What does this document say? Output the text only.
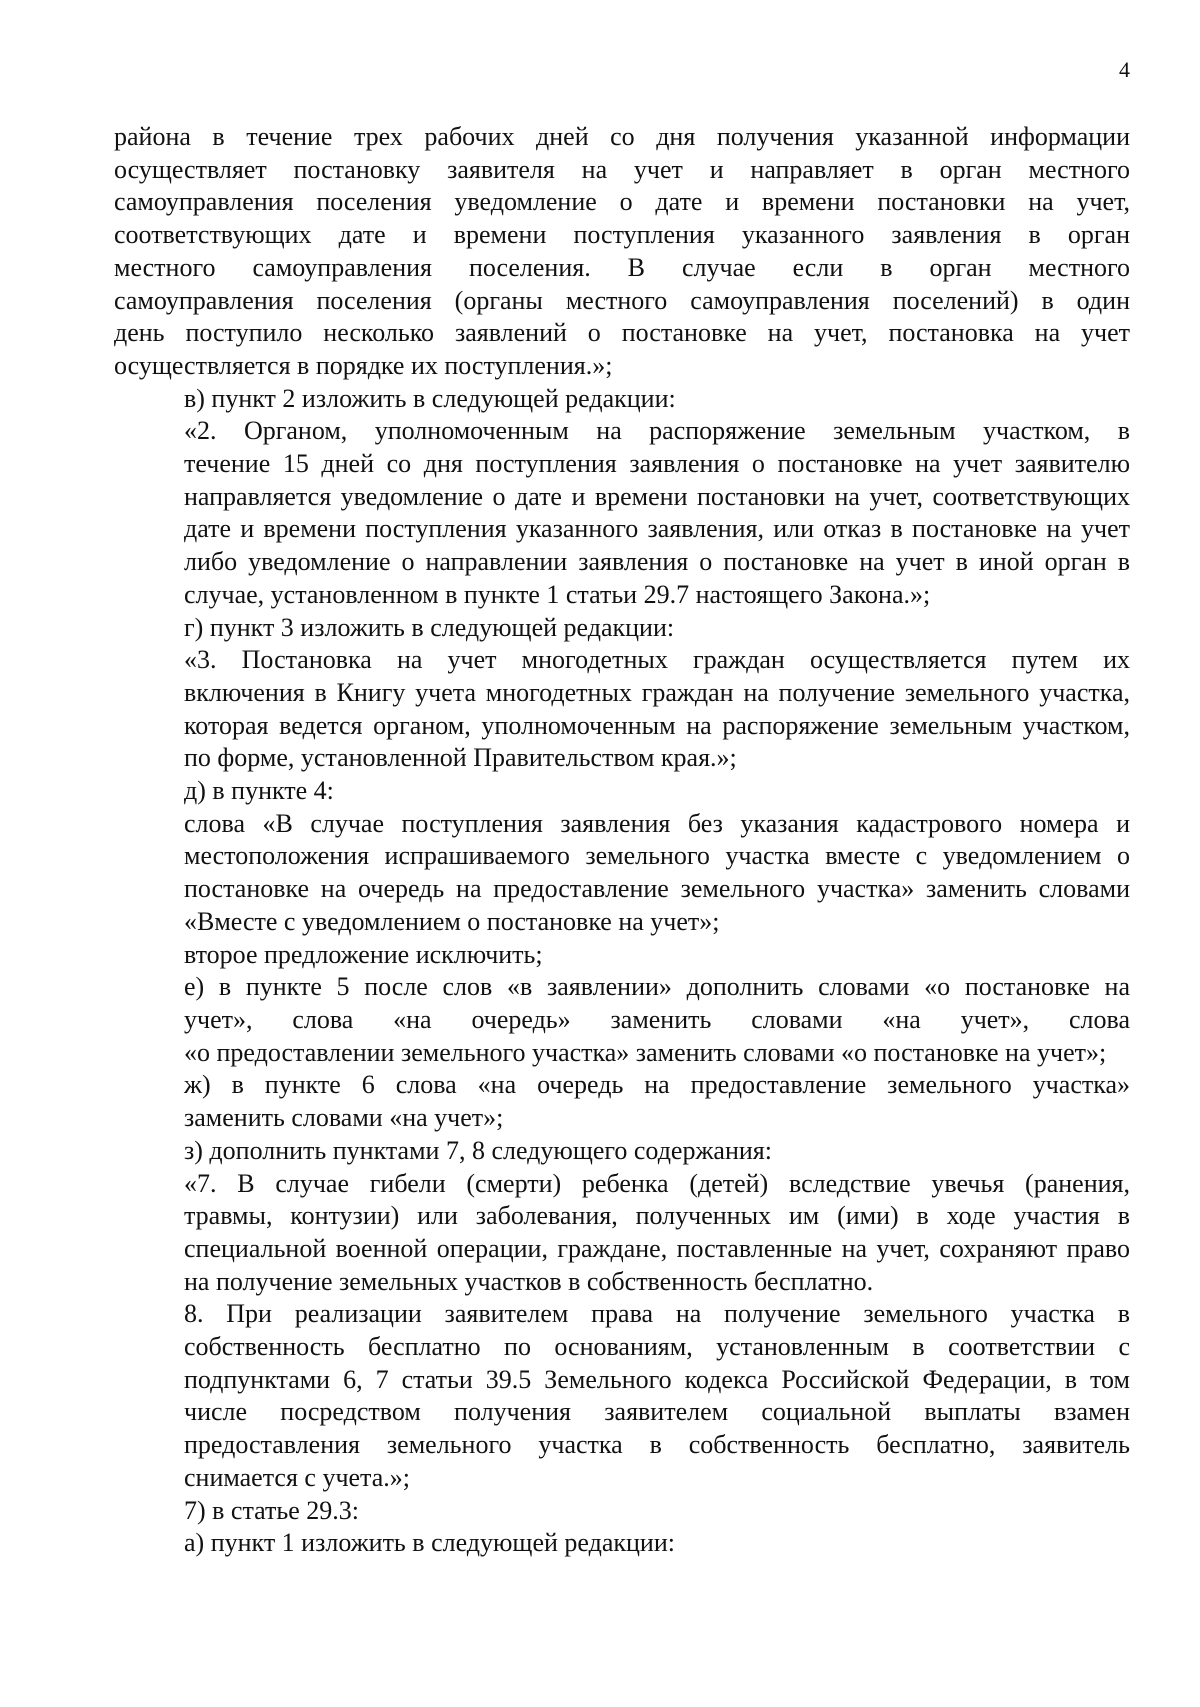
4
района в течение трех рабочих дней со дня получения указанной информации
осуществляет постановку заявителя на учет и направляет в орган местного
самоуправления поселения уведомление о дате и времени постановки на учет,
соответствующих дате и времени поступления указанного заявления в орган
местного самоуправления поселения. В случае если в орган местного
самоуправления поселения (органы местного самоуправления поселений) в один
день поступило несколько заявлений о постановке на учет, постановка на учет
осуществляется в порядке их поступления.»;
в) пункт 2 изложить в следующей редакции:
«2. Органом, уполномоченным на распоряжение земельным участком, в
течение 15 дней со дня поступления заявления о постановке на учет заявителю
направляется уведомление о дате и времени постановки на учет, соответствующих
дате и времени поступления указанного заявления, или отказ в постановке на учет
либо уведомление о направлении заявления о постановке на учет в иной орган в
случае, установленном в пункте 1 статьи 29.7 настоящего Закона.»;
г) пункт 3 изложить в следующей редакции:
«3. Постановка на учет многодетных граждан осуществляется путем их
включения в Книгу учета многодетных граждан на получение земельного участка,
которая ведется органом, уполномоченным на распоряжение земельным участком,
по форме, установленной Правительством края.»;
д) в пункте 4:
слова «В случае поступления заявления без указания кадастрового номера и
местоположения испрашиваемого земельного участка вместе с уведомлением о
постановке на очередь на предоставление земельного участка» заменить словами
«Вместе с уведомлением о постановке на учет»;
второе предложение исключить;
е) в пункте 5 после слов «в заявлении» дополнить словами «о постановке на
учет», слова «на очередь» заменить словами «на учет», слова
«о предоставлении земельного участка» заменить словами «о постановке на учет»;
ж) в пункте 6 слова «на очередь на предоставление земельного участка»
заменить словами «на учет»;
з) дополнить пунктами 7, 8 следующего содержания:
«7. В случае гибели (смерти) ребенка (детей) вследствие увечья (ранения,
травмы, контузии) или заболевания, полученных им (ими) в ходе участия в
специальной военной операции, граждане, поставленные на учет, сохраняют право
на получение земельных участков в собственность бесплатно.
8. При реализации заявителем права на получение земельного участка в
собственность бесплатно по основаниям, установленным в соответствии с
подпунктами 6, 7 статьи 39.5 Земельного кодекса Российской Федерации, в том
числе посредством получения заявителем социальной выплаты взамен
предоставления земельного участка в собственность бесплатно, заявитель
снимается с учета.»;
7) в статье 29.3:
а) пункт 1 изложить в следующей редакции:
